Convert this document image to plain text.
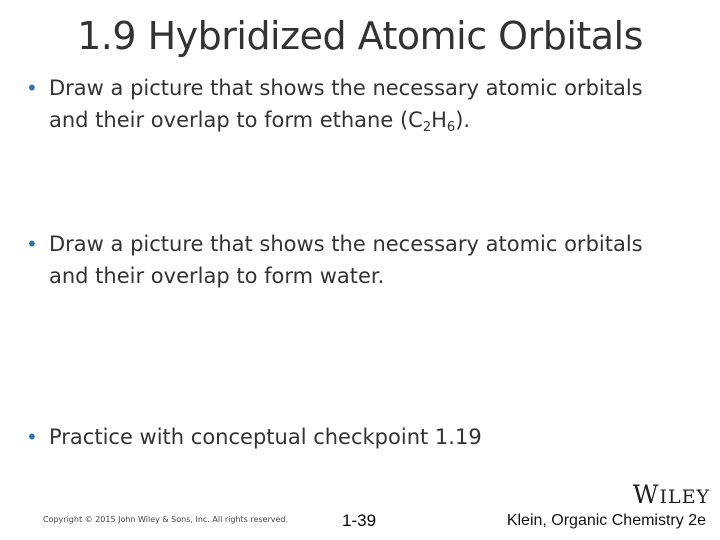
1.9 Hybridized Atomic Orbitals
• Draw a picture that shows the necessary atomic orbitals
and their overlap to form ethane $(C_2H_6)$.
• Draw a picture that shows the necessary atomic orbitals
and their overlap to form water.
• Practice with conceptual checkpoint 1.19
WILEY
Copyright © 2015 John Wiley & Sons, Inc. All rights reserved.	1-39	Klein, Organic Chemistry 2e
